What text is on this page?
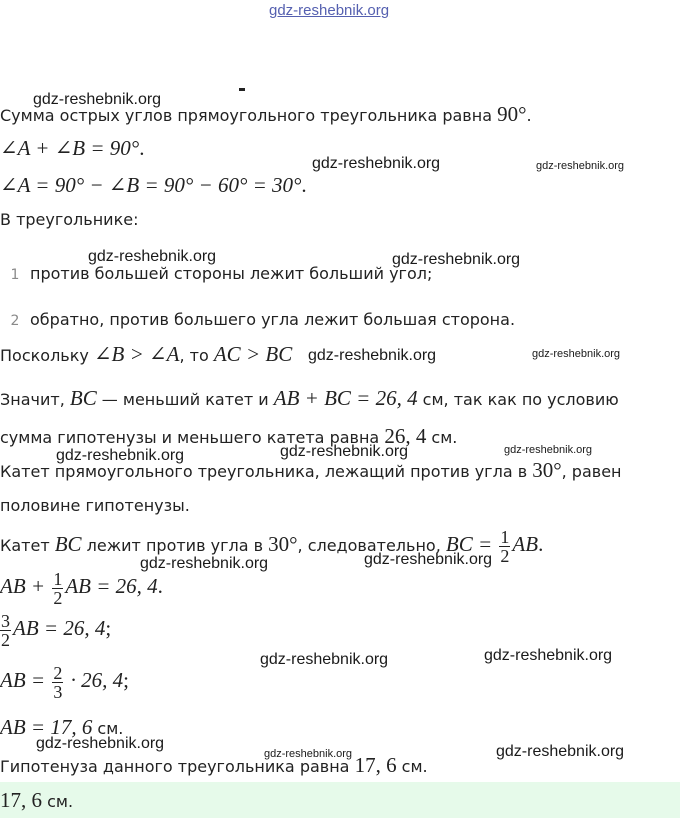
gdz-reshebnik.org
Сумма острых углов прямоугольного треугольника равна 90°.
∠A + ∠B = 90°.
∠A = 90° − ∠B = 90° − 60° = 30°.
В треугольнике:
1 против большей стороны лежит больший угол;
2 обратно, против большего угла лежит большая сторона.
Поскольку ∠B > ∠A, то AC > BC
Значит, BC — меньший катет и AB + BC = 26, 4 см, так как по условию
сумма гипотенузы и меньшего катета равна 26, 4 см.
Катет прямоугольного треугольника, лежащий против угла в 30°, равен
половине гипотенузы.
Катет BC лежит против угла в 30°, следовательно, BC = $\frac{1}{2}$ AB.
AB + $\frac{1}{2}$ AB = 26, 4.
$\frac{3}{2}$ AB = 26, 4;
AB = $\frac{2}{3} \cdot 26$, 4;
AB = 17, 6 см.
Гипотенуза данного треугольника равна 17, 6 см.
17, 6 см.
gdz-reshebnik.org
gdz-reshebnik.org	gdz-reshebnik.org
gdz-reshebnik.org	gdz-reshebnik.org
gdz-reshebnik.org	gdz-reshebnik.org
gdz-reshebnik.org	gdz-reshebnik.org	gdz-reshebnik.org
gdz-reshebnik.org	gdz-reshebnik.org
gdz-reshebnik.org	gdz-reshebnik.org
gdz-reshebnik.org
gdz-reshebnik.org	gdz-reshebnik.org
